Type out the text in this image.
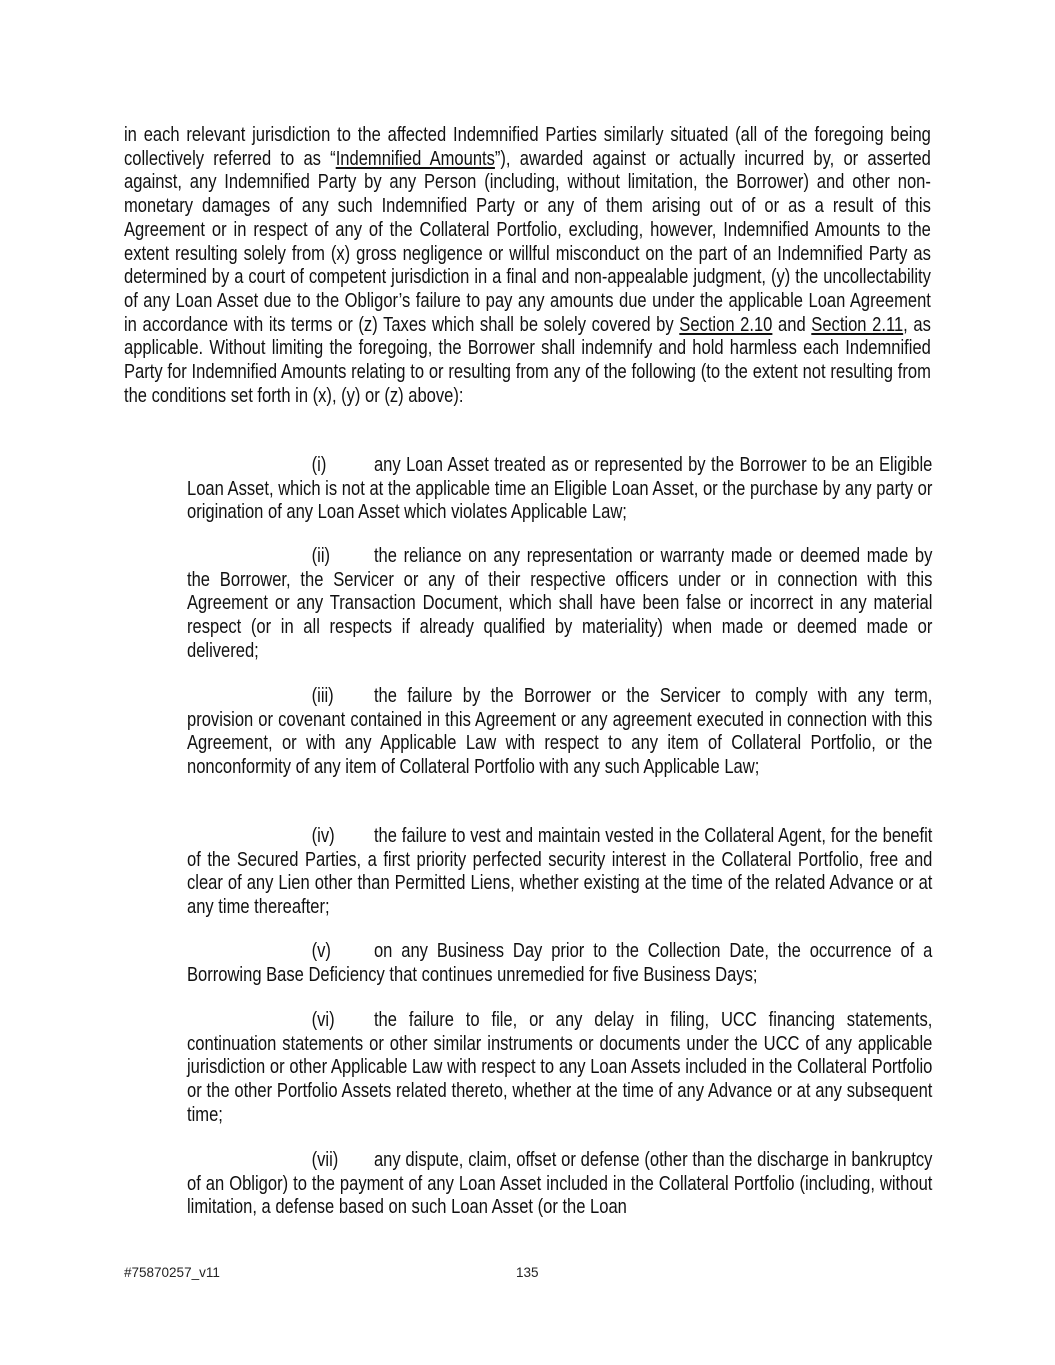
in each relevant jurisdiction to the affected Indemnified Parties similarly situated (all of the foregoing being collectively referred to as “Indemnified Amounts”), awarded against or actually incurred by, or asserted against, any Indemnified Party by any Person (including, without limitation, the Borrower) and other non-monetary damages of any such Indemnified Party or any of them arising out of or as a result of this Agreement or in respect of any of the Collateral Portfolio, excluding, however, Indemnified Amounts to the extent resulting solely from (x) gross negligence or willful misconduct on the part of an Indemnified Party as determined by a court of competent jurisdiction in a final and non-appealable judgment, (y) the uncollectability of any Loan Asset due to the Obligor’s failure to pay any amounts due under the applicable Loan Agreement in accordance with its terms or (z) Taxes which shall be solely covered by Section 2.10 and Section 2.11, as applicable. Without limiting the foregoing, the Borrower shall indemnify and hold harmless each Indemnified Party for Indemnified Amounts relating to or resulting from any of the following (to the extent not resulting from the conditions set forth in (x), (y) or (z) above):
(i) any Loan Asset treated as or represented by the Borrower to be an Eligible Loan Asset, which is not at the applicable time an Eligible Loan Asset, or the purchase by any party or origination of any Loan Asset which violates Applicable Law;
(ii) the reliance on any representation or warranty made or deemed made by the Borrower, the Servicer or any of their respective officers under or in connection with this Agreement or any Transaction Document, which shall have been false or incorrect in any material respect (or in all respects if already qualified by materiality) when made or deemed made or delivered;
(iii) the failure by the Borrower or the Servicer to comply with any term, provision or covenant contained in this Agreement or any agreement executed in connection with this Agreement, or with any Applicable Law with respect to any item of Collateral Portfolio, or the nonconformity of any item of Collateral Portfolio with any such Applicable Law;
(iv) the failure to vest and maintain vested in the Collateral Agent, for the benefit of the Secured Parties, a first priority perfected security interest in the Collateral Portfolio, free and clear of any Lien other than Permitted Liens, whether existing at the time of the related Advance or at any time thereafter;
(v) on any Business Day prior to the Collection Date, the occurrence of a Borrowing Base Deficiency that continues unremedied for five Business Days;
(vi) the failure to file, or any delay in filing, UCC financing statements, continuation statements or other similar instruments or documents under the UCC of any applicable jurisdiction or other Applicable Law with respect to any Loan Assets included in the Collateral Portfolio or the other Portfolio Assets related thereto, whether at the time of any Advance or at any subsequent time;
(vii) any dispute, claim, offset or defense (other than the discharge in bankruptcy of an Obligor) to the payment of any Loan Asset included in the Collateral Portfolio (including, without limitation, a defense based on such Loan Asset (or the Loan
#75870257_v11	135
